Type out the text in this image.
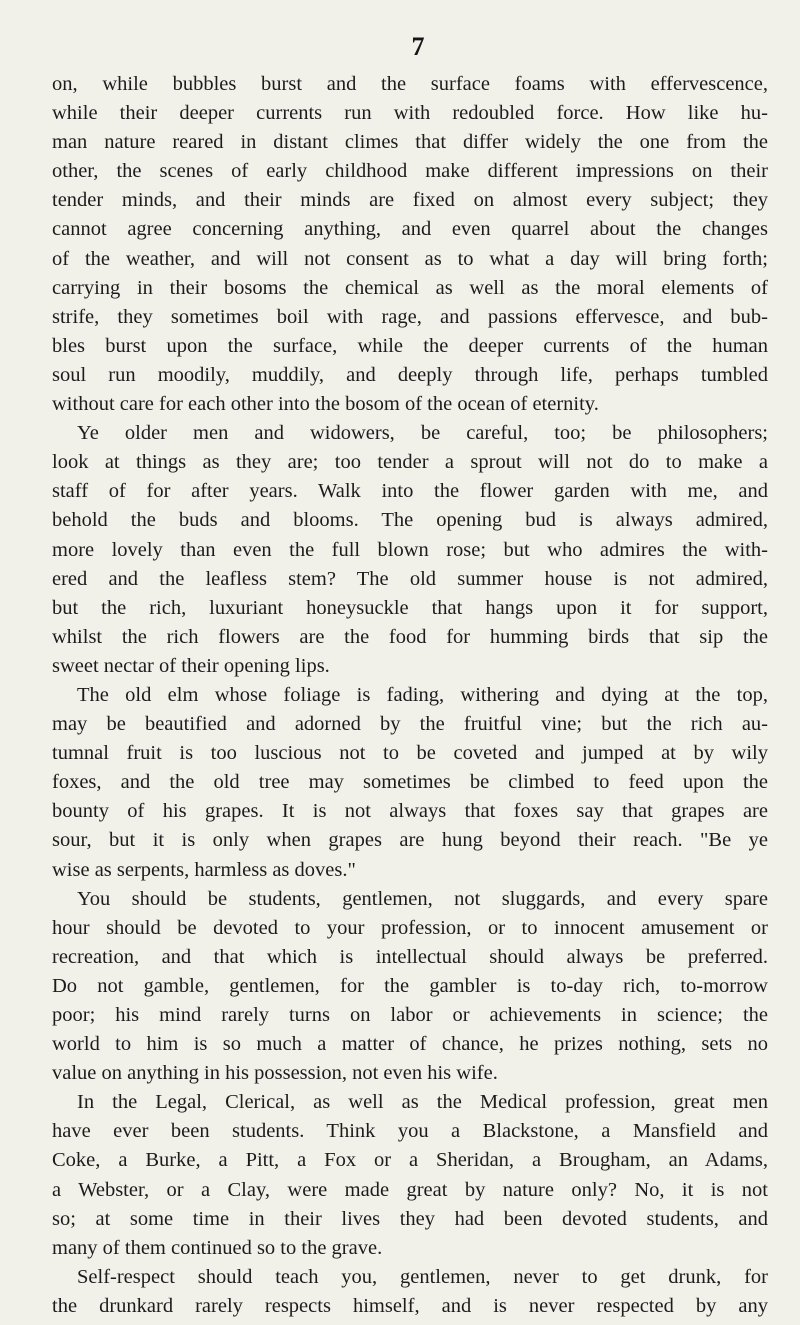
7
on, while bubbles burst and the surface foams with effervescence,
while their deeper currents run with redoubled force. How like hu-
man nature reared in distant climes that differ widely the one from the
other, the scenes of early childhood make different impressions on their
tender minds, and their minds are fixed on almost every subject; they
cannot agree concerning anything, and even quarrel about the changes
of the weather, and will not consent as to what a day will bring forth;
carrying in their bosoms the chemical as well as the moral elements of
strife, they sometimes boil with rage, and passions effervesce, and bub-
bles burst upon the surface, while the deeper currents of the human
soul run moodily, muddily, and deeply through life, perhaps tumbled
without care for each other into the bosom of the ocean of eternity.
Ye older men and widowers, be careful, too; be philosophers;
look at things as they are; too tender a sprout will not do to make a
staff of for after years. Walk into the flower garden with me, and
behold the buds and blooms. The opening bud is always admired,
more lovely than even the full blown rose; but who admires the with-
ered and the leafless stem? The old summer house is not admired,
but the rich, luxuriant honeysuckle that hangs upon it for support,
whilst the rich flowers are the food for humming birds that sip the
sweet nectar of their opening lips.
The old elm whose foliage is fading, withering and dying at the top,
may be beautified and adorned by the fruitful vine; but the rich au-
tumnal fruit is too luscious not to be coveted and jumped at by wily
foxes, and the old tree may sometimes be climbed to feed upon the
bounty of his grapes. It is not always that foxes say that grapes are
sour, but it is only when grapes are hung beyond their reach. "Be ye
wise as serpents, harmless as doves."
You should be students, gentlemen, not sluggards, and every spare
hour should be devoted to your profession, or to innocent amusement or
recreation, and that which is intellectual should always be preferred.
Do not gamble, gentlemen, for the gambler is to-day rich, to-morrow
poor; his mind rarely turns on labor or achievements in science; the
world to him is so much a matter of chance, he prizes nothing, sets no
value on anything in his possession, not even his wife.
In the Legal, Clerical, as well as the Medical profession, great men
have ever been students. Think you a Blackstone, a Mansfield and
Coke, a Burke, a Pitt, a Fox or a Sheridan, a Brougham, an Adams,
a Webster, or a Clay, were made great by nature only? No, it is not
so; at some time in their lives they had been devoted students, and
many of them continued so to the grave.
Self-respect should teach you, gentlemen, never to get drunk, for
the drunkard rarely respects himself, and is never respected by any
